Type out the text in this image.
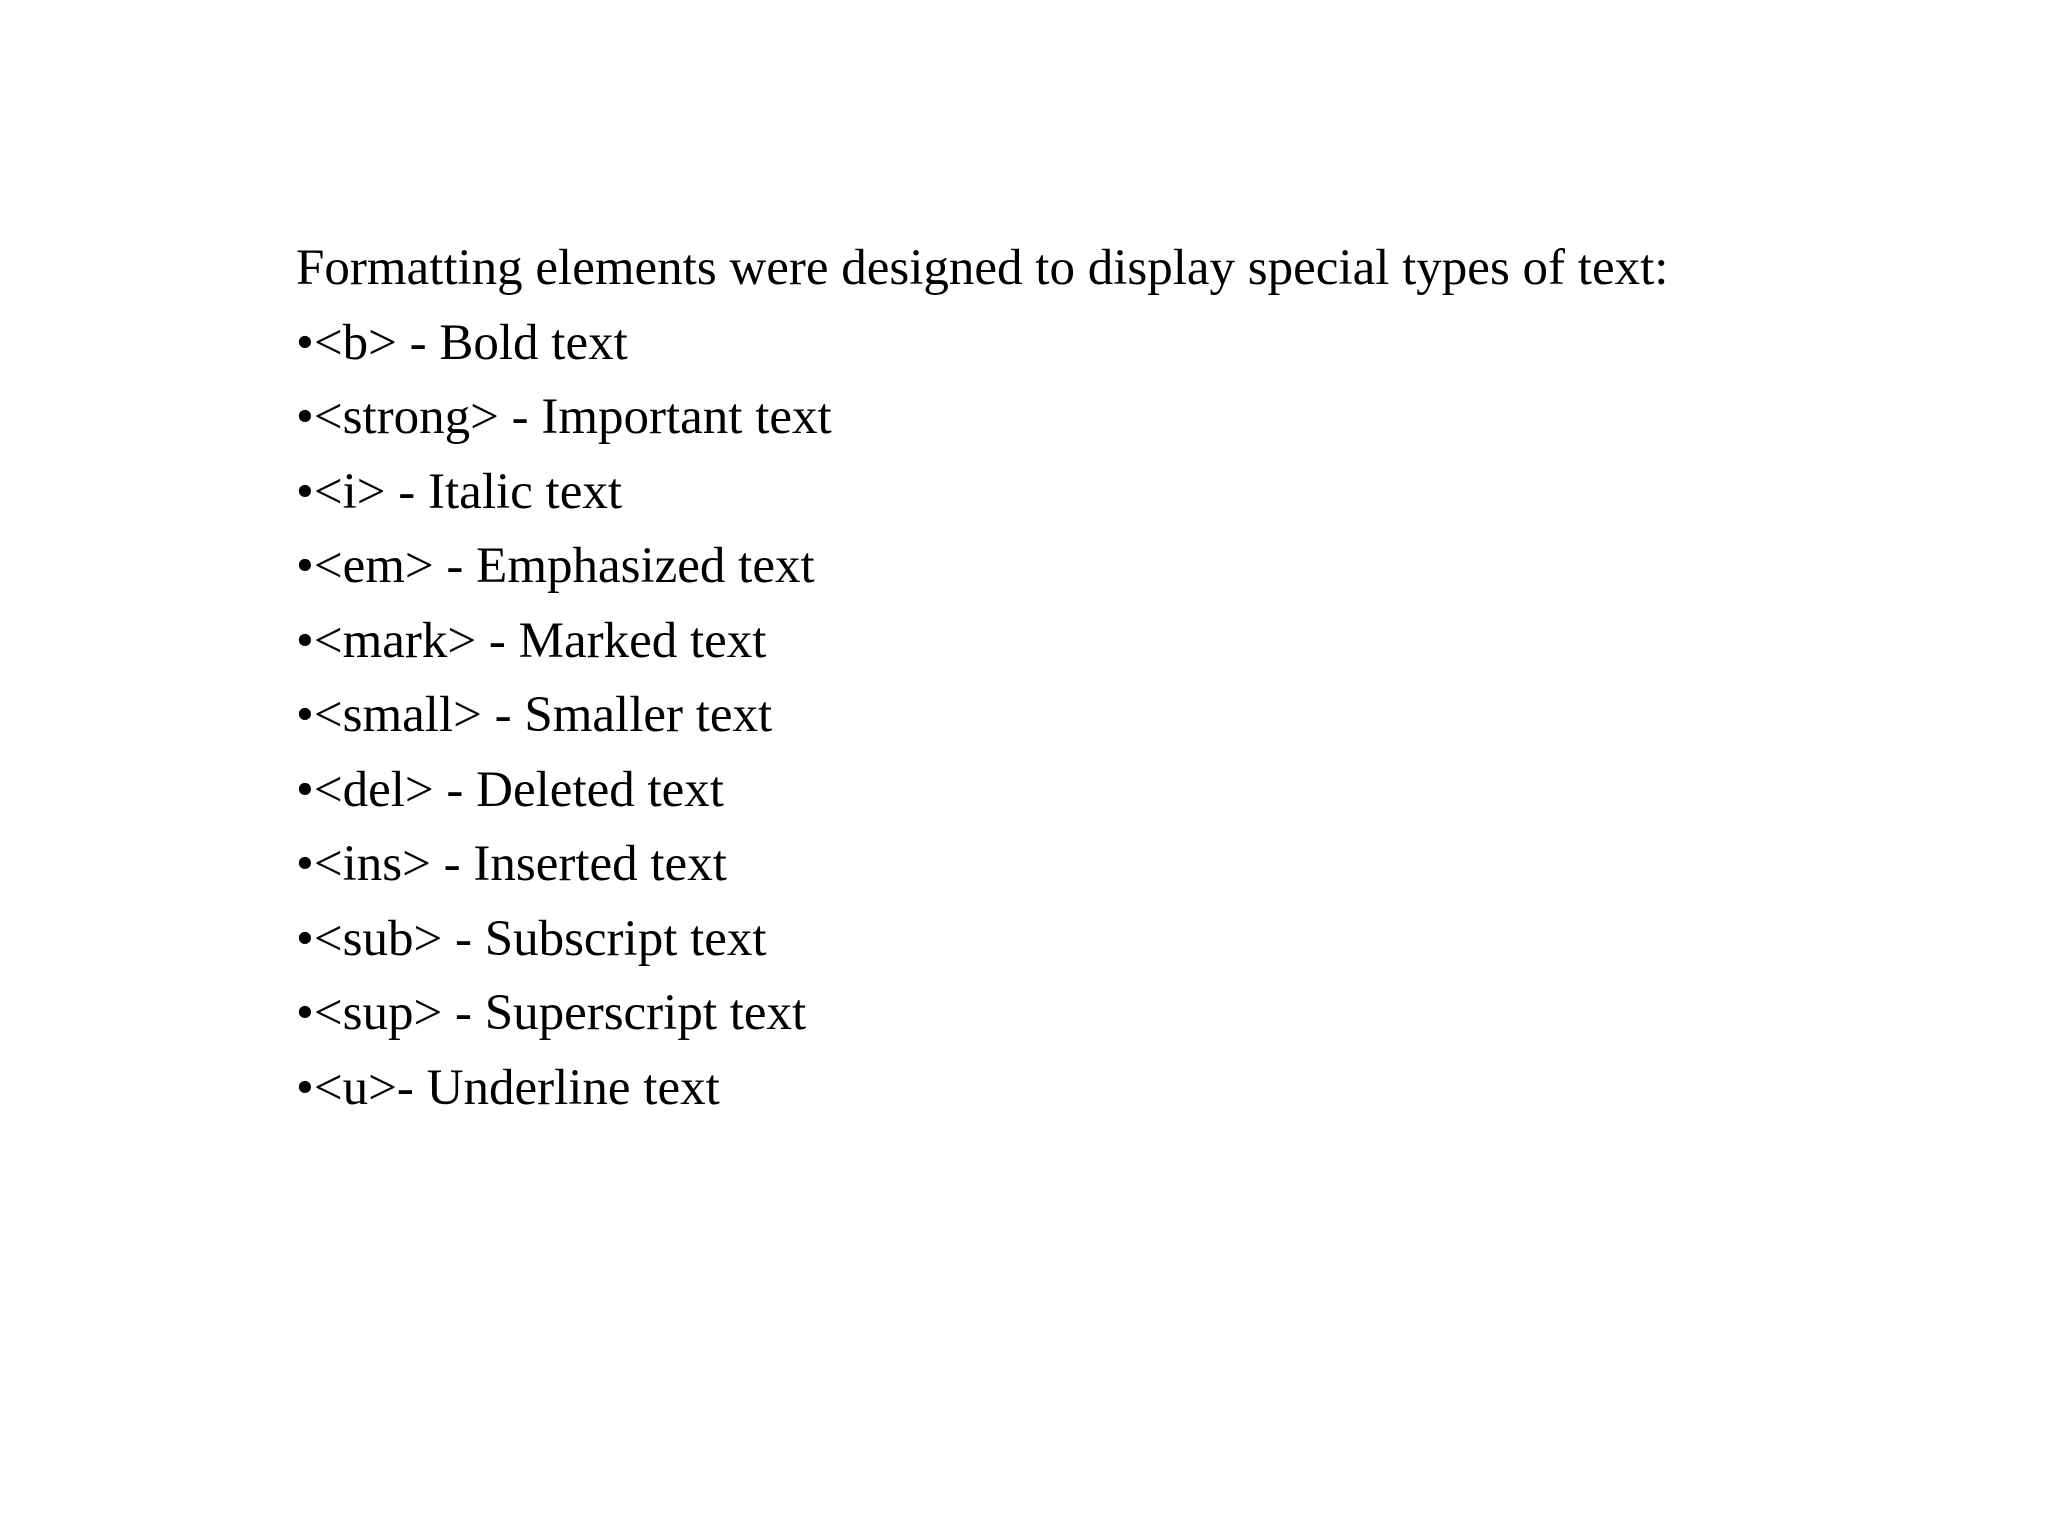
Formatting elements were designed to display special types of text:

•<b> - Bold text
•<strong> - Important text
•<i> - Italic text
•<em> - Emphasized text
•<mark> - Marked text
•<small> - Smaller text
•<del> - Deleted text
•<ins> - Inserted text
•<sub> - Subscript text
•<sup> - Superscript text
•<u>- Underline text
